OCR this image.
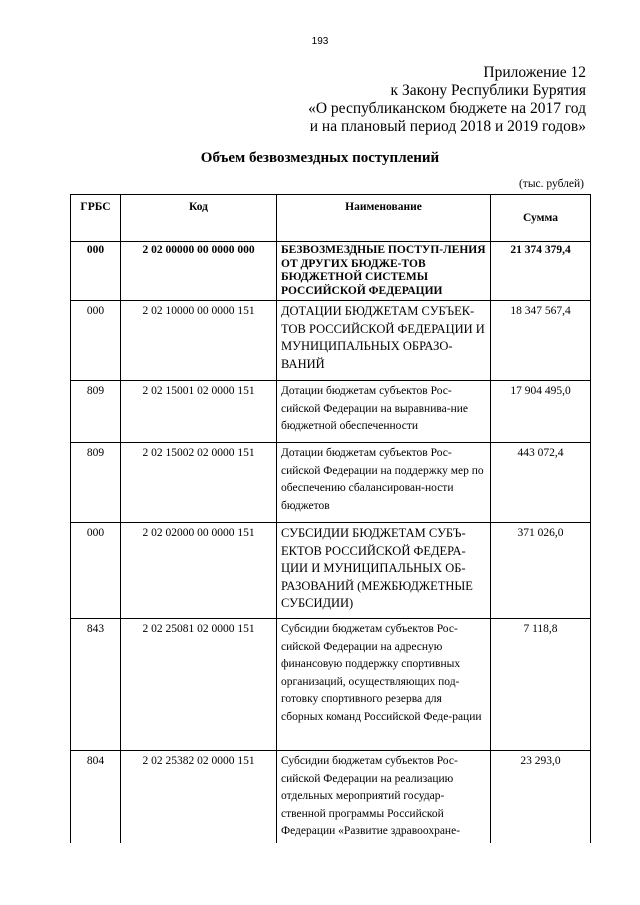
193
Приложение 12
к Закону Республики Бурятия
«О республиканском бюджете на 2017 год
и на плановый период 2018 и 2019 годов»
Объем безвозмездных поступлений
(тыс. рублей)
ГРБС	Код	Наименование	Сумма
000	2 02 00000 00 0000 000	БЕЗВОЗМЕЗДНЫЕ ПОСТУП-ЛЕНИЯ ОТ ДРУГИХ БЮДЖЕ-ТОВ БЮДЖЕТНОЙ СИСТЕМЫ РОССИЙСКОЙ ФЕДЕРАЦИИ	21 374 379,4
000	2 02 10000 00 0000 151	ДОТАЦИИ БЮДЖЕТАМ СУБЪЕК-ТОВ РОССИЙСКОЙ ФЕДЕРАЦИИ И МУНИЦИПАЛЬНЫХ ОБРАЗО-ВАНИЙ	18 347 567,4
809	2 02 15001 02 0000 151	Дотации бюджетам субъектов Рос-сийской Федерации на выравнива-ние бюджетной обеспеченности	17 904 495,0
809	2 02 15002 02 0000 151	Дотации бюджетам субъектов Рос-сийской Федерации на поддержку мер по обеспечению сбалансирован-ности бюджетов	443 072,4
000	2 02 02000 00 0000 151	СУБСИДИИ БЮДЖЕТАМ СУБЪ-ЕКТОВ РОССИЙСКОЙ ФЕДЕРА-ЦИИ И МУНИЦИПАЛЬНЫХ ОБ-РАЗОВАНИЙ (МЕЖБЮДЖЕТНЫЕ СУБСИДИИ)	371 026,0
843	2 02 25081 02 0000 151	Субсидии бюджетам субъектов Рос-сийской Федерации на адресную финансовую поддержку спортивных организаций, осуществляющих под-готовку спортивного резерва для сборных команд Российской Феде-рации	7 118,8
804	2 02 25382 02 0000 151	Субсидии бюджетам субъектов Рос-сийской Федерации на реализацию отдельных мероприятий государ-ственной программы Российской Федерации «Развитие здравоохране-	23 293,0
